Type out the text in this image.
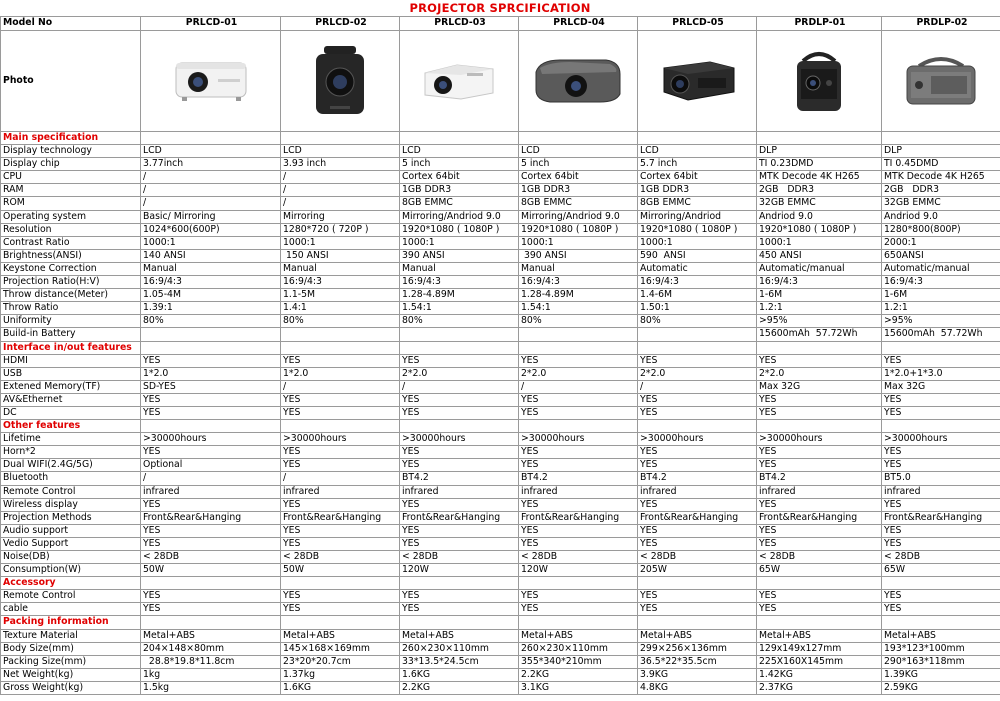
PROJECTOR SPRCIFICATION
Model No	PRLCD-01	PRLCD-02	PRLCD-03	PRLCD-04	PRLCD-05	PRDLP-01	PRDLP-02
Photo	

Main specification							
Display technology	LCD	LCD	LCD	LCD	LCD	DLP	DLP
Display chip	3.77inch	3.93 inch	5 inch	5 inch	5.7 inch	TI 0.23DMD	TI 0.45DMD
CPU	/	/	Cortex 64bit	Cortex 64bit	Cortex 64bit	MTK Decode 4K H265	MTK Decode 4K H265
RAM	/	/	1GB DDR3	1GB DDR3	1GB DDR3	2GB   DDR3	2GB   DDR3
ROM	/	/	8GB EMMC	8GB EMMC	8GB EMMC	32GB EMMC	32GB EMMC
Operating system	Basic/ Mirroring	Mirroring	Mirroring/Andriod 9.0	Mirroring/Andriod 9.0	Mirroring/Andriod	Andriod 9.0	Andriod 9.0
Resolution	1024*600(600P)	1280*720 ( 720P )	1920*1080 ( 1080P )	1920*1080 ( 1080P )	1920*1080 ( 1080P )	1920*1080 ( 1080P )	1280*800(800P)
Contrast Ratio	1000:1	1000:1	1000:1	1000:1	1000:1	1000:1	2000:1
Brightness(ANSI)	140 ANSI	150 ANSI	390 ANSI	390 ANSI	590  ANSI	450 ANSI	650ANSI
Keystone Correction	Manual	Manual	Manual	Manual	Automatic	Automatic/manual	Automatic/manual
Projection Ratio(H:V)	16:9/4:3	16:9/4:3	16:9/4:3	16:9/4:3	16:9/4:3	16:9/4:3	16:9/4:3
Throw distance(Meter)	1.05-4M	1.1-5M	1.28-4.89M	1.28-4.89M	1.4-6M	1-6M	1-6M
Throw Ratio	1.39:1	1.4:1	1.54:1	1.54:1	1.50:1	1.2:1	1.2:1
Uniformity	80%	80%	80%	80%	80%	>95%	>95%
Build-in Battery						15600mAh  57.72Wh	15600mAh  57.72Wh
Interface in/out features							
HDMI	YES	YES	YES	YES	YES	YES	YES
USB	1*2.0	1*2.0	2*2.0	2*2.0	2*2.0	2*2.0	1*2.0+1*3.0
Extened Memory(TF)	SD-YES	/	/	/	/	Max 32G	Max 32G
AV&Ethernet	YES	YES	YES	YES	YES	YES	YES
DC	YES	YES	YES	YES	YES	YES	YES
Other features							
Lifetime	>30000hours	>30000hours	>30000hours	>30000hours	>30000hours	>30000hours	>30000hours
Horn*2	YES	YES	YES	YES	YES	YES	YES
Dual WIFI(2.4G/5G)	Optional	YES	YES	YES	YES	YES	YES
Bluetooth	/	/	BT4.2	BT4.2	BT4.2	BT4.2	BT5.0
Remote Control	infrared	infrared	infrared	infrared	infrared	infrared	infrared
Wireless display	YES	YES	YES	YES	YES	YES	YES
Projection Methods	Front&Rear&Hanging	Front&Rear&Hanging	Front&Rear&Hanging	Front&Rear&Hanging	Front&Rear&Hanging	Front&Rear&Hanging	Front&Rear&Hanging
Audio support	YES	YES	YES	YES	YES	YES	YES
Vedio Support	YES	YES	YES	YES	YES	YES	YES
Noise(DB)	< 28DB	< 28DB	< 28DB	< 28DB	< 28DB	< 28DB	< 28DB
Consumption(W)	50W	50W	120W	120W	205W	65W	65W
Accessory							
Remote Control	YES	YES	YES	YES	YES	YES	YES
cable	YES	YES	YES	YES	YES	YES	YES
Packing information							
Texture Material	Metal+ABS	Metal+ABS	Metal+ABS	Metal+ABS	Metal+ABS	Metal+ABS	Metal+ABS
Body Size(mm)	204×148×80mm	145×168×169mm	260×230×110mm	260×230×110mm	299×256×136mm	129x149x127mm	193*123*100mm
Packing Size(mm)	28.8*19.8*11.8cm	23*20*20.7cm	33*13.5*24.5cm	355*340*210mm	36.5*22*35.5cm	225X160X145mm	290*163*118mm
Net Weight(kg)	1kg	1.37kg	1.6KG	2.2KG	3.9KG	1.42KG	1.39KG
Gross Weight(kg)	1.5kg	1.6KG	2.2KG	3.1KG	4.8KG	2.37KG	2.59KG
